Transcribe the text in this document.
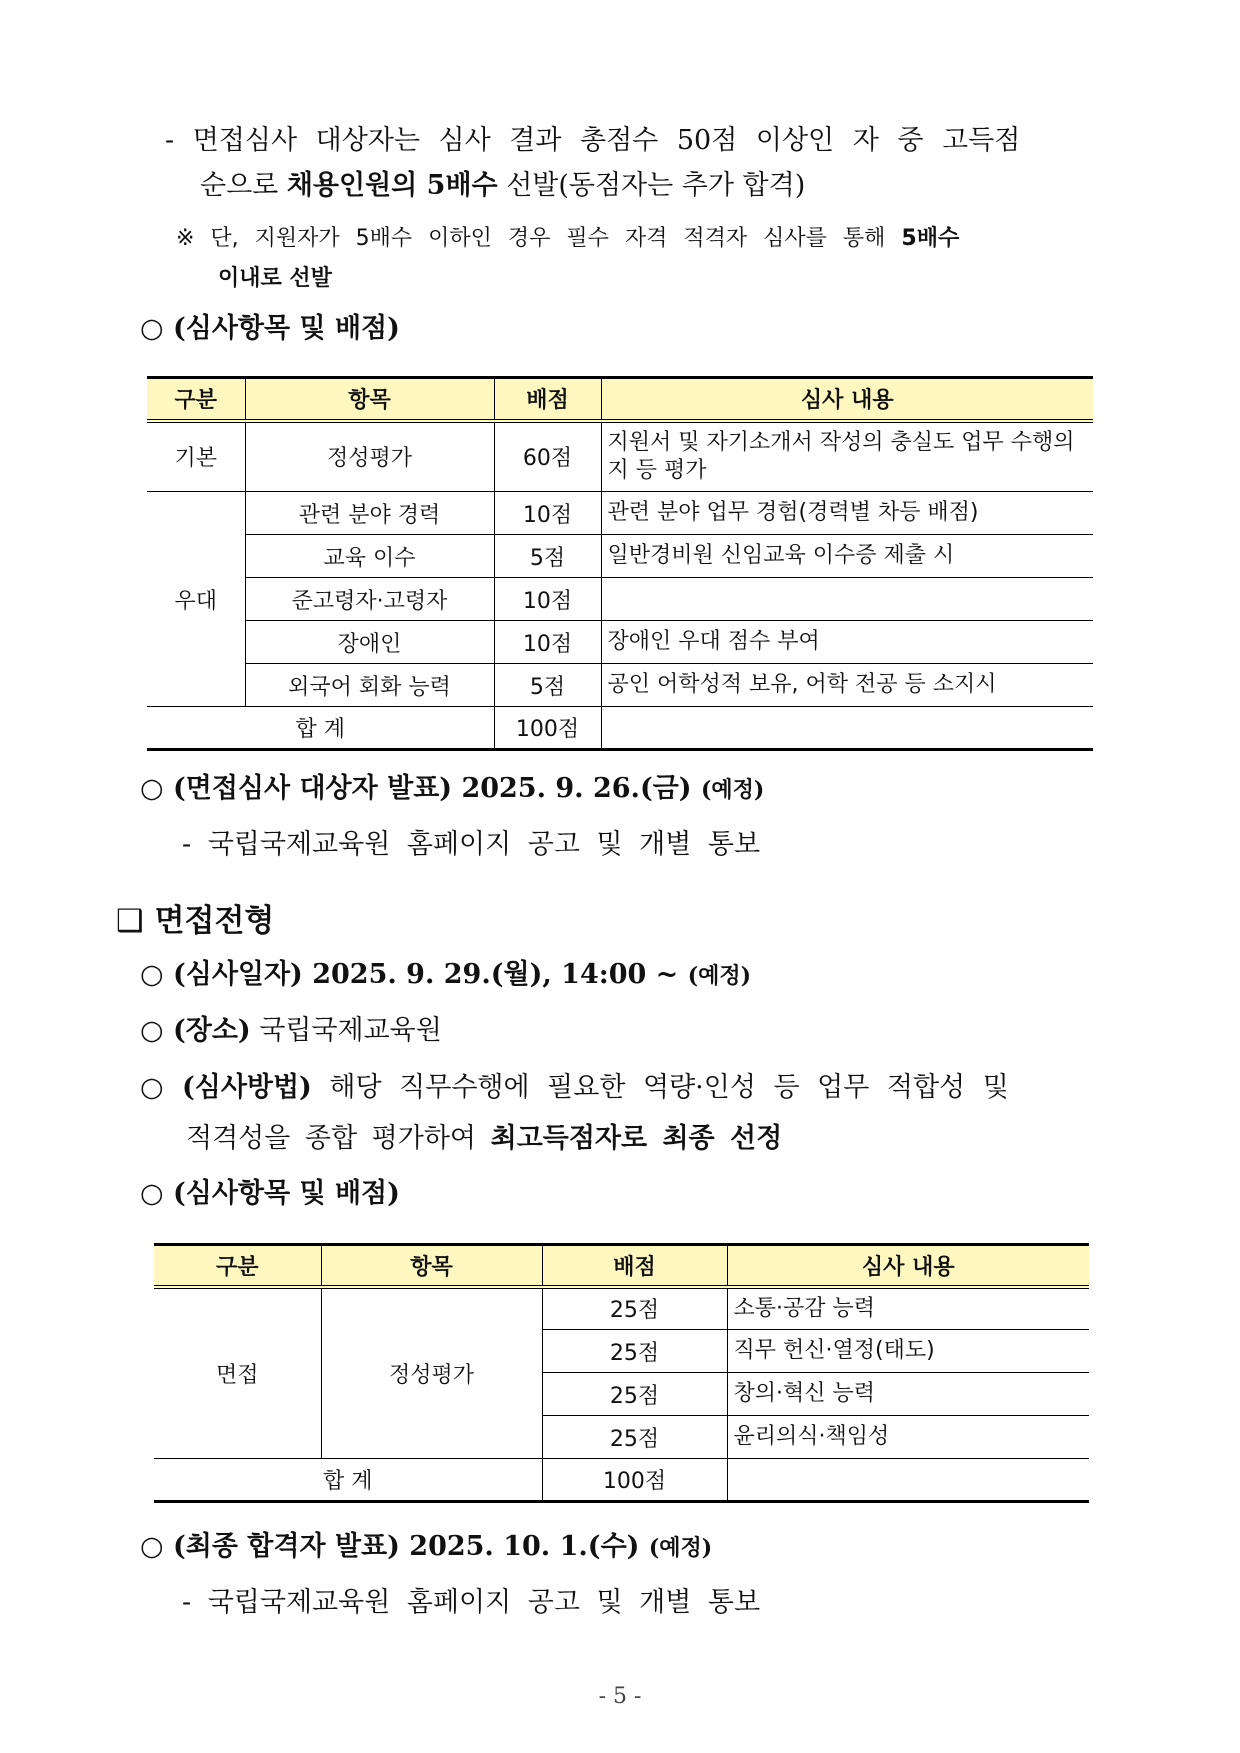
- 면접심사 대상자는 심사 결과 총점수 50점 이상인 자 중 고득점
순으로 채용인원의 5배수 선발(동점자는 추가 합격)
※ 단, 지원자가 5배수 이하인 경우 필수 자격 적격자 심사를 통해 5배수
이내로 선발
○ (심사항목 및 배점)
구분	항목	배점	심사 내용
기본	정성평가	60점	지원서 및 자기소개서 작성의 충실도 업무 수행의지 등 평가
우대	관련 분야 경력	10점	관련 분야 업무 경험(경력별 차등 배점)
	교육 이수	5점	일반경비원 신임교육 이수증 제출 시
	준고령자·고령자	10점	
	장애인	10점	장애인 우대 점수 부여
	외국어 회화 능력	5점	공인 어학성적 보유, 어학 전공 등 소지시
합 계		100점	
○ (면접심사 대상자 발표) 2025. 9. 26.(금) (예정)
- 국립국제교육원 홈페이지 공고 및 개별 통보
❑ 면접전형
○ (심사일자) 2025. 9. 29.(월), 14:00 ~ (예정)
○ (장소) 국립국제교육원
○ (심사방법) 해당 직무수행에 필요한 역량·인성 등 업무 적합성 및
적격성을 종합 평가하여 최고득점자로 최종 선정
○ (심사항목 및 배점)
구분	항목	배점	심사 내용
면접	정성평가	25점	소통·공감 능력
		25점	직무 헌신·열정(태도)
		25점	창의·혁신 능력
		25점	윤리의식·책임성
합 계		100점	
○ (최종 합격자 발표) 2025. 10. 1.(수) (예정)
- 국립국제교육원 홈페이지 공고 및 개별 통보
- 5 -
